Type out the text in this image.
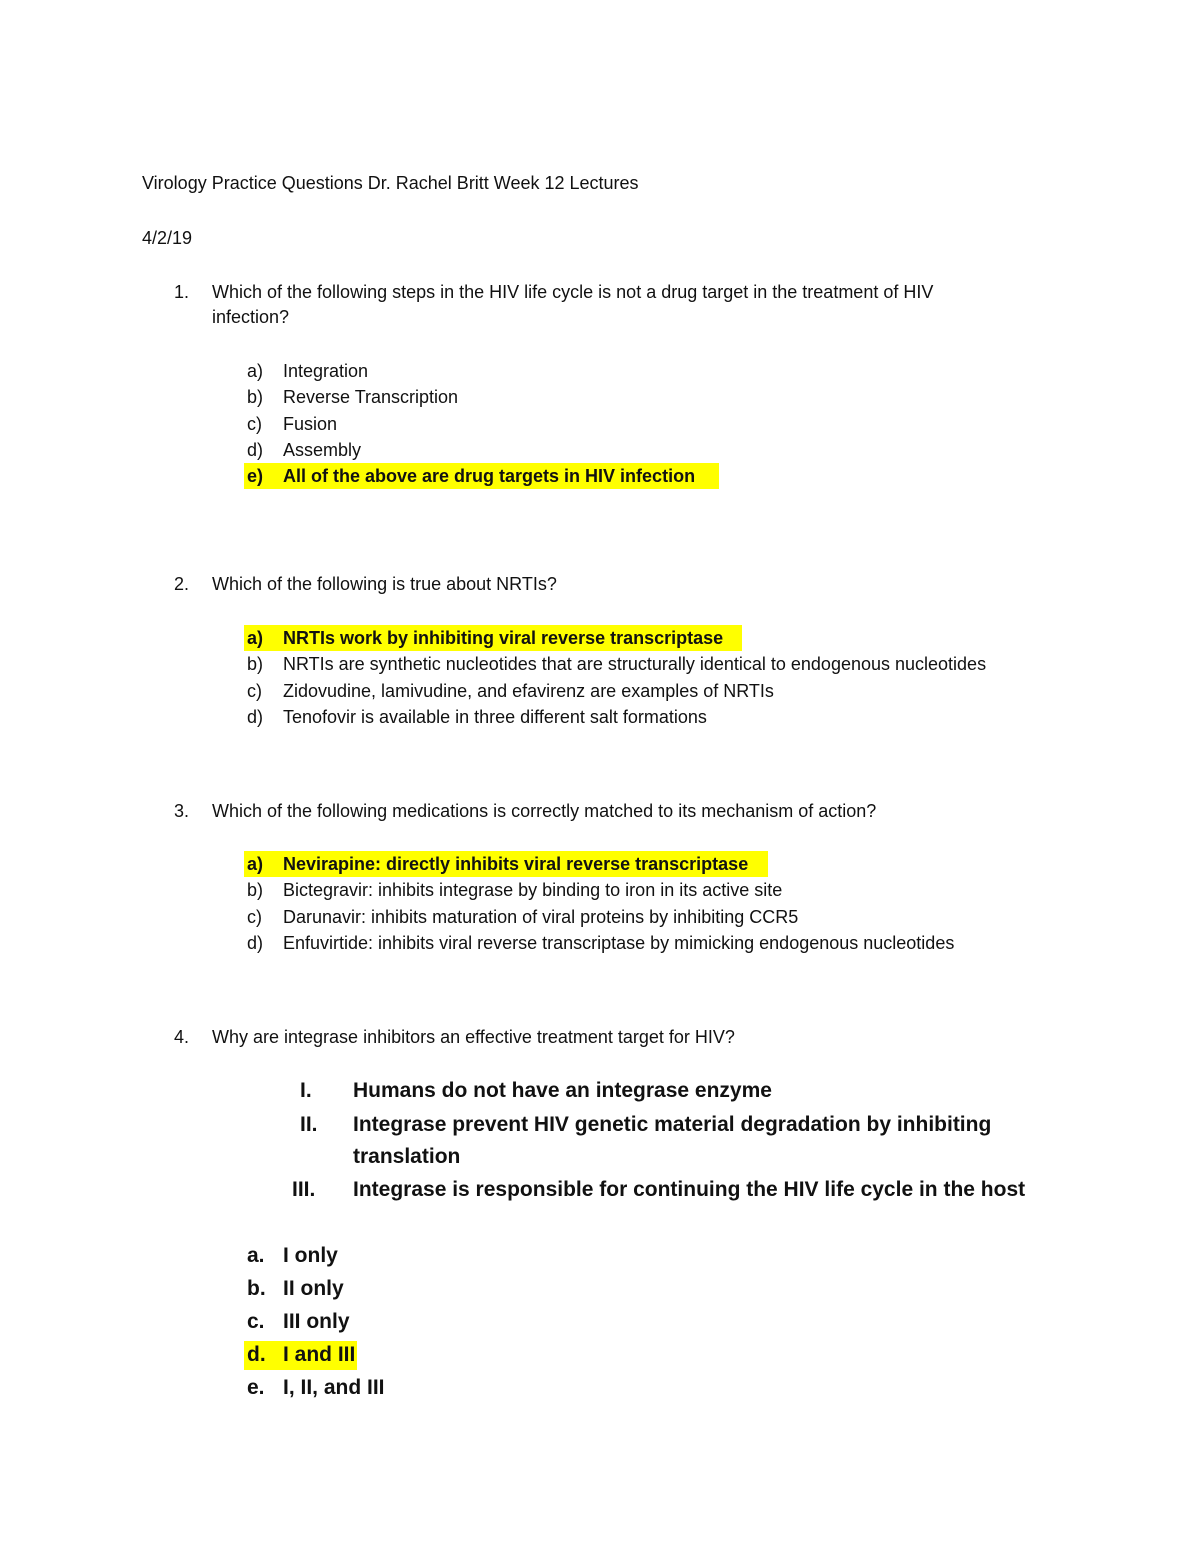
Virology Practice Questions Dr. Rachel Britt Week 12 Lectures
4/2/19
1. Which of the following steps in the HIV life cycle is not a drug target in the treatment of HIV
infection?
a) Integration
b) Reverse Transcription
c) Fusion
d) Assembly
e) All of the above are drug targets in HIV infection
2. Which of the following is true about NRTIs?
a) NRTIs work by inhibiting viral reverse transcriptase
b) NRTIs are synthetic nucleotides that are structurally identical to endogenous nucleotides
c) Zidovudine, lamivudine, and efavirenz are examples of NRTIs
d) Tenofovir is available in three different salt formations
3. Which of the following medications is correctly matched to its mechanism of action?
a) Nevirapine: directly inhibits viral reverse transcriptase
b) Bictegravir: inhibits integrase by binding to iron in its active site
c) Darunavir: inhibits maturation of viral proteins by inhibiting CCR5
d) Enfuvirtide: inhibits viral reverse transcriptase by mimicking endogenous nucleotides
4. Why are integrase inhibitors an effective treatment target for HIV?
I. Humans do not have an integrase enzyme
II. Integrase prevent HIV genetic material degradation by inhibiting
translation
III. Integrase is responsible for continuing the HIV life cycle in the host
a. I only
b. II only
c. III only
d. I and III
e. I, II, and III
